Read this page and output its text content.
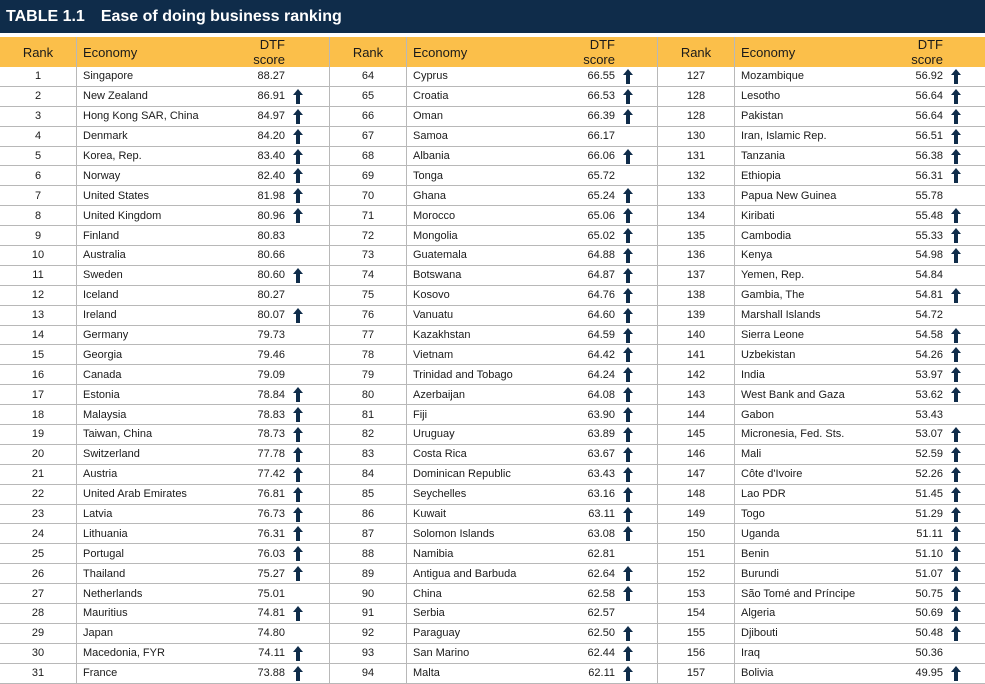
TABLE 1.1 Ease of doing business ranking
Rank	Economy	DTF score	
1	Singapore	88.27	
2	New Zealand	86.91	
3	Hong Kong SAR, China	84.97	
4	Denmark	84.20	
5	Korea, Rep.	83.40	
6	Norway	82.40	
7	United States	81.98	
8	United Kingdom	80.96	
9	Finland	80.83	
10	Australia	80.66	
11	Sweden	80.60	
12	Iceland	80.27	
13	Ireland	80.07	
14	Germany	79.73	
15	Georgia	79.46	
16	Canada	79.09	
17	Estonia	78.84	
18	Malaysia	78.83	
19	Taiwan, China	78.73	
20	Switzerland	77.78	
21	Austria	77.42	
22	United Arab Emirates	76.81	
23	Latvia	76.73	
24	Lithuania	76.31	
25	Portugal	76.03	
26	Thailand	75.27	
27	Netherlands	75.01	
28	Mauritius	74.81	
29	Japan	74.80	
30	Macedonia, FYR	74.11	
31	France	73.88	
Rank	Economy	DTF score	
64	Cyprus	66.55	
65	Croatia	66.53	
66	Oman	66.39	
67	Samoa	66.17	
68	Albania	66.06	
69	Tonga	65.72	
70	Ghana	65.24	
71	Morocco	65.06	
72	Mongolia	65.02	
73	Guatemala	64.88	
74	Botswana	64.87	
75	Kosovo	64.76	
76	Vanuatu	64.60	
77	Kazakhstan	64.59	
78	Vietnam	64.42	
79	Trinidad and Tobago	64.24	
80	Azerbaijan	64.08	
81	Fiji	63.90	
82	Uruguay	63.89	
83	Costa Rica	63.67	
84	Dominican Republic	63.43	
85	Seychelles	63.16	
86	Kuwait	63.11	
87	Solomon Islands	63.08	
88	Namibia	62.81	
89	Antigua and Barbuda	62.64	
90	China	62.58	
91	Serbia	62.57	
92	Paraguay	62.50	
93	San Marino	62.44	
94	Malta	62.11	
Rank	Economy	DTF score	
127	Mozambique	56.92	
128	Lesotho	56.64	
128	Pakistan	56.64	
130	Iran, Islamic Rep.	56.51	
131	Tanzania	56.38	
132	Ethiopia	56.31	
133	Papua New Guinea	55.78	
134	Kiribati	55.48	
135	Cambodia	55.33	
136	Kenya	54.98	
137	Yemen, Rep.	54.84	
138	Gambia, The	54.81	
139	Marshall Islands	54.72	
140	Sierra Leone	54.58	
141	Uzbekistan	54.26	
142	India	53.97	
143	West Bank and Gaza	53.62	
144	Gabon	53.43	
145	Micronesia, Fed. Sts.	53.07	
146	Mali	52.59	
147	Côte d'Ivoire	52.26	
148	Lao PDR	51.45	
149	Togo	51.29	
150	Uganda	51.11	
151	Benin	51.10	
152	Burundi	51.07	
153	São Tomé and Príncipe	50.75	
154	Algeria	50.69	
155	Djibouti	50.48	
156	Iraq	50.36	
157	Bolivia	49.95	
